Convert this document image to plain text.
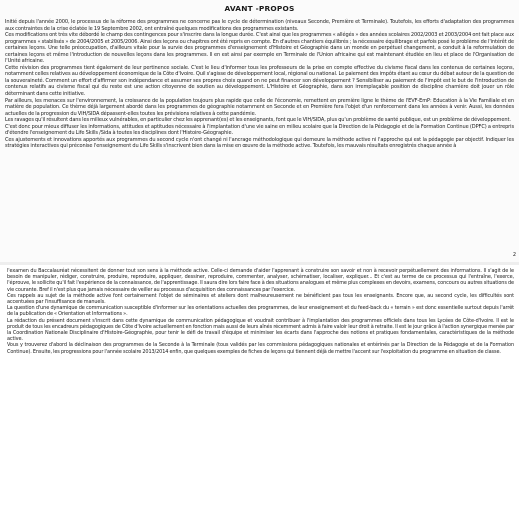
AVANT -PROPOS

Initié depuis l'année 2000, le processus de la réforme des programmes ne concerne pas le cycle de détermination (niveaux Seconde, Première et Terminale). Toutefois, les efforts d'adaptation des programmes aux contraintes de la crise éclatée le 19 Septembre 2002, ont entraîné quelques modifications des programmes existants.

Ces modifications ont très vite débordé le champ des contingences pour s'inscrire dans la longue durée. C'est ainsi que les programmes « allégés » des années scolaires 2002/2003 et 2003/2004 ont fait place aux programmes « stabilisés » de 2004/2005 et 2005/2006. Ainsi des leçons ou chapitres ont été repris en compte. En d'autres chantiers équilibrés ; la nécessaire équilibrage et parfois posé le problème de l'intérêt de certaines leçons. Une telle préoccupation, d'ailleurs vitale pour la survie des programmes d'enseignement d'Histoire et Géographie dans un monde en perpétuel changement, a conduit à la reformulation de certaines leçons et même l'introduction de nouvelles leçons dans les programmes. Il en est ainsi par exemple en Terminale de l'Union africaine qui est maintenant étudiée en lieu et place de l'Organisation de l'Unité africaine.

Cette révision des programmes tient également de leur pertinence sociale. C'est le lieu d'informer tous les professeurs de la prise en compte effective du civisme fiscal dans les contenus de certaines leçons, notamment celles relatives au développement économique de la Côte d'Ivoire. Quil s'agisse de développement local, régional ou national. Le paiement des impôts étant au cœur du débat autour de la question de la souveraineté. Comment un effort d'affirmer son indépendance et assumer ses propres choix quand on ne peut financer son développement ? Sensibiliser au paiement de l'impôt est le but de l'introduction de contenus relatifs au civisme fiscal qui du reste est une action citoyenne de soutien au développement. L'Histoire et Géographie, dans son irremplaçable position de discipline charnière doit jouer un rôle déterminant dans cette initiative.

Par ailleurs, les menaces sur l'environnement, la croissance de la population toujours plus rapide que celle de l'économie, remettent en première ligne le thème de l'EVF-EmP: Education à la Vie Familiale et en matière de population. Ce thème déjà largement abordé dans les programmes de géographie notamment en Seconde et en Première fera l'objet d'un renforcement dans les années à venir. Aussi, les données actuelles de la progression du VIH/SIDA dépassent-elles toutes les prévisions relatives à cette pandémie.

Les ravages qu'il résultent dans les milieux vulnérables, en particulier chez les apprenant(es) et les enseignants, font que le VIH/SIDA, plus qu'un problème de santé publique, est un problème de développement.

C'est donc pour mieux diffuser les informations, attitudes et aptitudes nécessaire à l'implantation d'une vie saine en milieu scolaire que la Direction de la Pédagogie et de la Formation Continue (DPFC) a entrepris d'étendre l'enseignement du Life Skills /Sida à toutes les disciplines dont l'Histoire-Géographie.

Ces ajustements et innovations apportés aux programmes du second cycle n'ont changé ni l'ancrage méthodologique qui demeure la méthode active ni l'approche qui est la pédagogie par objectif. Indiquer les stratégies interactives qui préconise l'enseignement du Life Skills s'inscrivent bien dans la mise en œuvre de la méthode active. Toutefois, les mauvais résultats enregistrés chaque année à

2

l'examen du Baccalauréat nécessitent de donner tout son sens à la méthode active. Celle-ci demande d'aider l'apprenant à construire son savoir et non à recevoir perpétuellement des informations. Il s'agit de le besoin de manipuler, rédiger, construire, produire, reproduire, appliquer, dessiner, reproduire, commenter, analyser, schématiser, localiser, expliquer... Et c'est au terme de ce processus qui l'entraîne, l'exerce, l'éprouve, le sollicite qu'il fait l'expérience de la connaissance, de l'apprentissage. Il saura dire lors faire face à des situations analogues et même plus complexes en devoirs, examens, concours ou autres situations de vie courante. Bref il n'est plus que jamais nécessaire de veiller au processus d'acquisition des connaissances par l'exercice.

Ces rappels au sujet de la méthode active font certainement l'objet de séminaires et ateliers dont malheureusement ne bénéficient pas tous les enseignants. Encore que, au second cycle, les difficultés sont accentuées par l'insuffisance de manuels.

La question d'une dynamique de communication susceptible d'informer sur les orientations actuelles des programmes, de leur enseignement et du feed-back du « terrain » est donc essentielle surtout depuis l'arrêt de la publication de « Orientation et Informations ».

La rédaction du présent document s'inscrit dans cette dynamique de communication pédagogique et voudrait contribuer à l'implantation des programmes officiels dans tous les Lycées de Côte-d'Ivoire. Il est le produit de tous les encadreurs pédagogiques de Côte d'Ivoire actuellement en fonction mais aussi de leurs aînés récemment admis à faire valoir leur droit à retraite. Il est le jour grâce à l'action synergique menée par la Coordination Nationale Disciplinaire d'Histoire-Géographie, pour tenir le défi de travail d'équipe et minimiser les écarts dans l'approche des notions et pratiques fondamentales, caractéristiques de la méthode active.

Vous y trouverez d'abord la déclinaison des programmes de la Seconde à la Terminale (tous validés par les commissions pédagogiques nationales et entérinés par la Direction de la Pédagogie et de la Formation Continue). Ensuite, les progressions pour l'année scolaire 2013/2014 enfin, que quelques exemples de fiches de leçons qui tiennent déjà de mettre l'accent sur l'exploitation du programme en situation de classe.
